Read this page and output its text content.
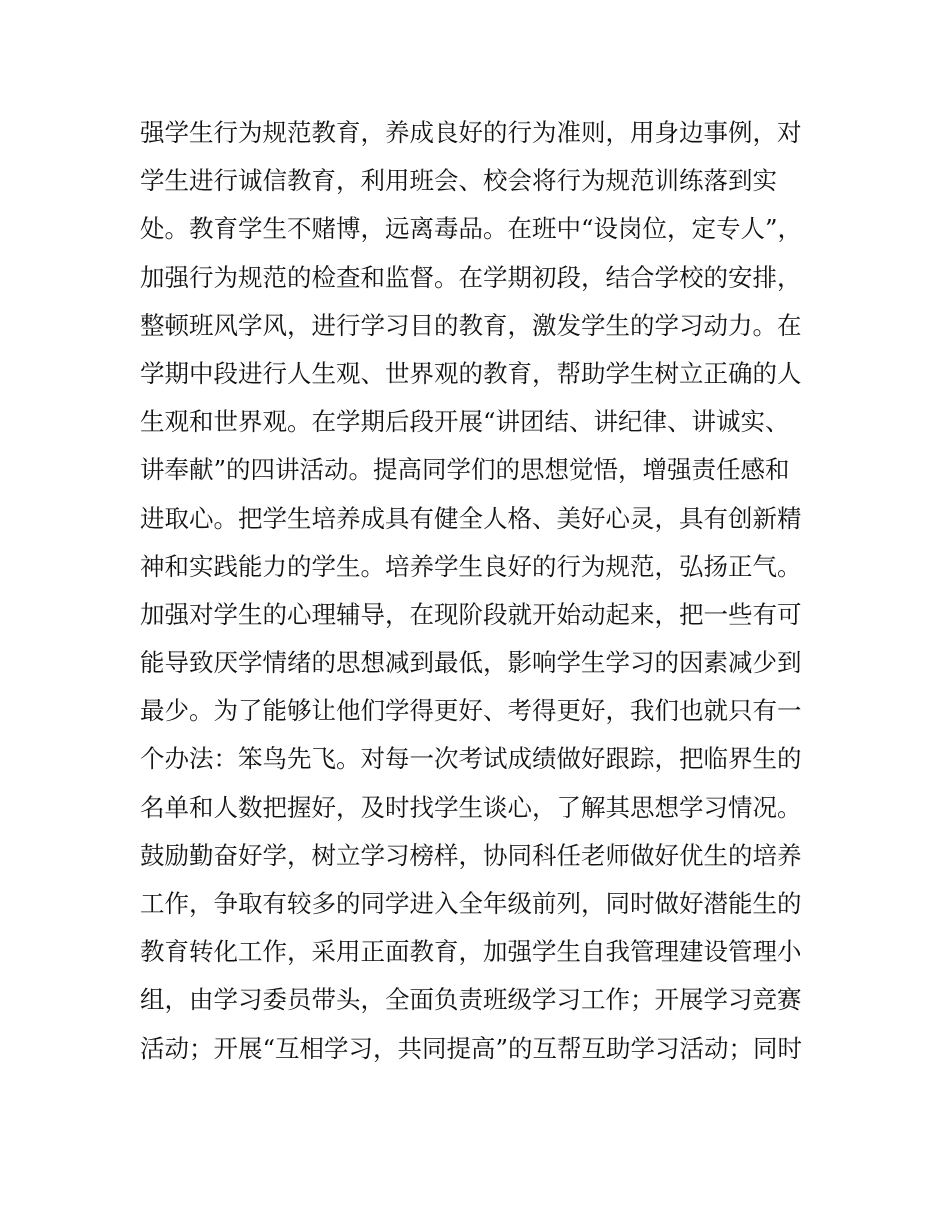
强学生行为规范教育，养成良好的行为准则，用身边事例，对
学生进行诚信教育，利用班会、校会将行为规范训练落到实
处。教育学生不赌博，远离毒品。在班中“设岗位，定专人”，
加强行为规范的检查和监督。在学期初段，结合学校的安排，
整顿班风学风，进行学习目的教育，激发学生的学习动力。在
学期中段进行人生观、世界观的教育，帮助学生树立正确的人
生观和世界观。在学期后段开展“讲团结、讲纪律、讲诚实、
讲奉献”的四讲活动。提高同学们的思想觉悟，增强责任感和
进取心。把学生培养成具有健全人格、美好心灵，具有创新精
神和实践能力的学生。培养学生良好的行为规范，弘扬正气。
加强对学生的心理辅导，在现阶段就开始动起来，把一些有可
能导致厌学情绪的思想减到最低，影响学生学习的因素减少到
最少。为了能够让他们学得更好、考得更好，我们也就只有一
个办法：笨鸟先飞。对每一次考试成绩做好跟踪，把临界生的
名单和人数把握好，及时找学生谈心，了解其思想学习情况。
鼓励勤奋好学，树立学习榜样，协同科任老师做好优生的培养
工作，争取有较多的同学进入全年级前列，同时做好潜能生的
教育转化工作，采用正面教育，加强学生自我管理建设管理小
组，由学习委员带头，全面负责班级学习工作；开展学习竞赛
活动；开展“互相学习，共同提高”的互帮互助学习活动；同时
